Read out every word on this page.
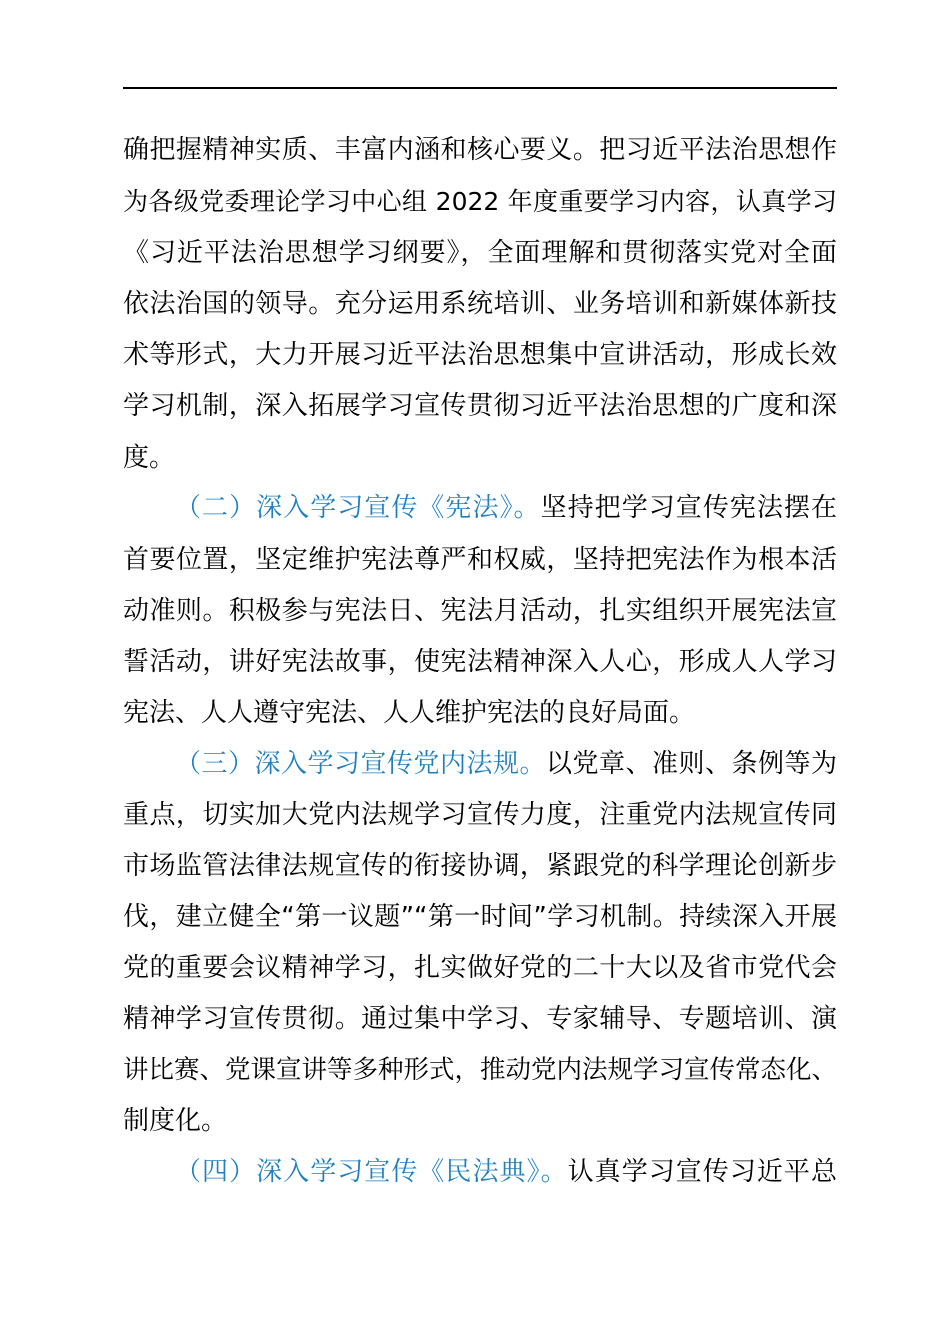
确把握精神实质、丰富内涵和核心要义。把习近平法治思想作
为各级党委理论学习中心组 2022 年度重要学习内容，认真学习
《习近平法治思想学习纲要》，全面理解和贯彻落实党对全面
依法治国的领导。充分运用系统培训、业务培训和新媒体新技
术等形式，大力开展习近平法治思想集中宣讲活动，形成长效
学习机制，深入拓展学习宣传贯彻习近平法治思想的广度和深
度。
（二）深入学习宣传《宪法》。坚持把学习宣传宪法摆在
首要位置，坚定维护宪法尊严和权威，坚持把宪法作为根本活
动准则。积极参与宪法日、宪法月活动，扎实组织开展宪法宣
誓活动，讲好宪法故事，使宪法精神深入人心，形成人人学习
宪法、人人遵守宪法、人人维护宪法的良好局面。
（三）深入学习宣传党内法规。以党章、准则、条例等为
重点，切实加大党内法规学习宣传力度，注重党内法规宣传同
市场监管法律法规宣传的衔接协调，紧跟党的科学理论创新步
伐，建立健全“第一议题”“第一时间”学习机制。持续深入开展
党的重要会议精神学习，扎实做好党的二十大以及省市党代会
精神学习宣传贯彻。通过集中学习、专家辅导、专题培训、演
讲比赛、党课宣讲等多种形式，推动党内法规学习宣传常态化、
制度化。
（四）深入学习宣传《民法典》。认真学习宣传习近平总
